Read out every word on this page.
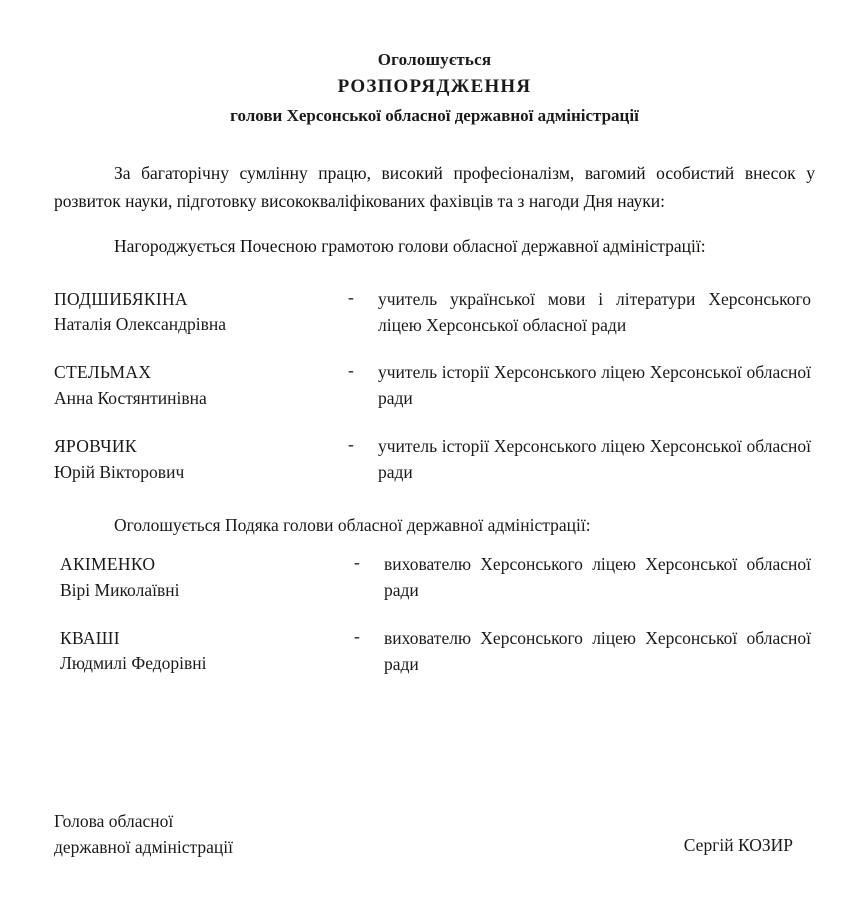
Оголошується
РОЗПОРЯДЖЕННЯ
голови Херсонської обласної державної адміністрації

За багаторічну сумлінну працю, високий професіоналізм, вагомий особистий внесок у розвиток науки, підготовку висококваліфікованих фахівців та з нагоди Дня науки:

Нагороджується Почесною грамотою голови обласної державної адміністрації:

ПОДШИБЯКІНА
Наталія Олександрівна	-	учитель української мови і літератури Херсонського ліцею Херсонської обласної ради

СТЕЛЬМАХ
Анна Костянтинівна	-	учитель історії Херсонського ліцею Херсонської обласної ради

ЯРОВЧИК
Юрій Вікторович	-	учитель історії Херсонського ліцею Херсонської обласної ради

Оголошується Подяка голови обласної державної адміністрації:

АКІМЕНКО
Вірі Миколаївні	-	вихователю Херсонського ліцею Херсонської обласної ради

КВАШІ
Людмилі Федорівні	-	вихователю Херсонського ліцею Херсонської обласної ради
Голова обласної
державної адміністрації	Сергій КОЗИР
